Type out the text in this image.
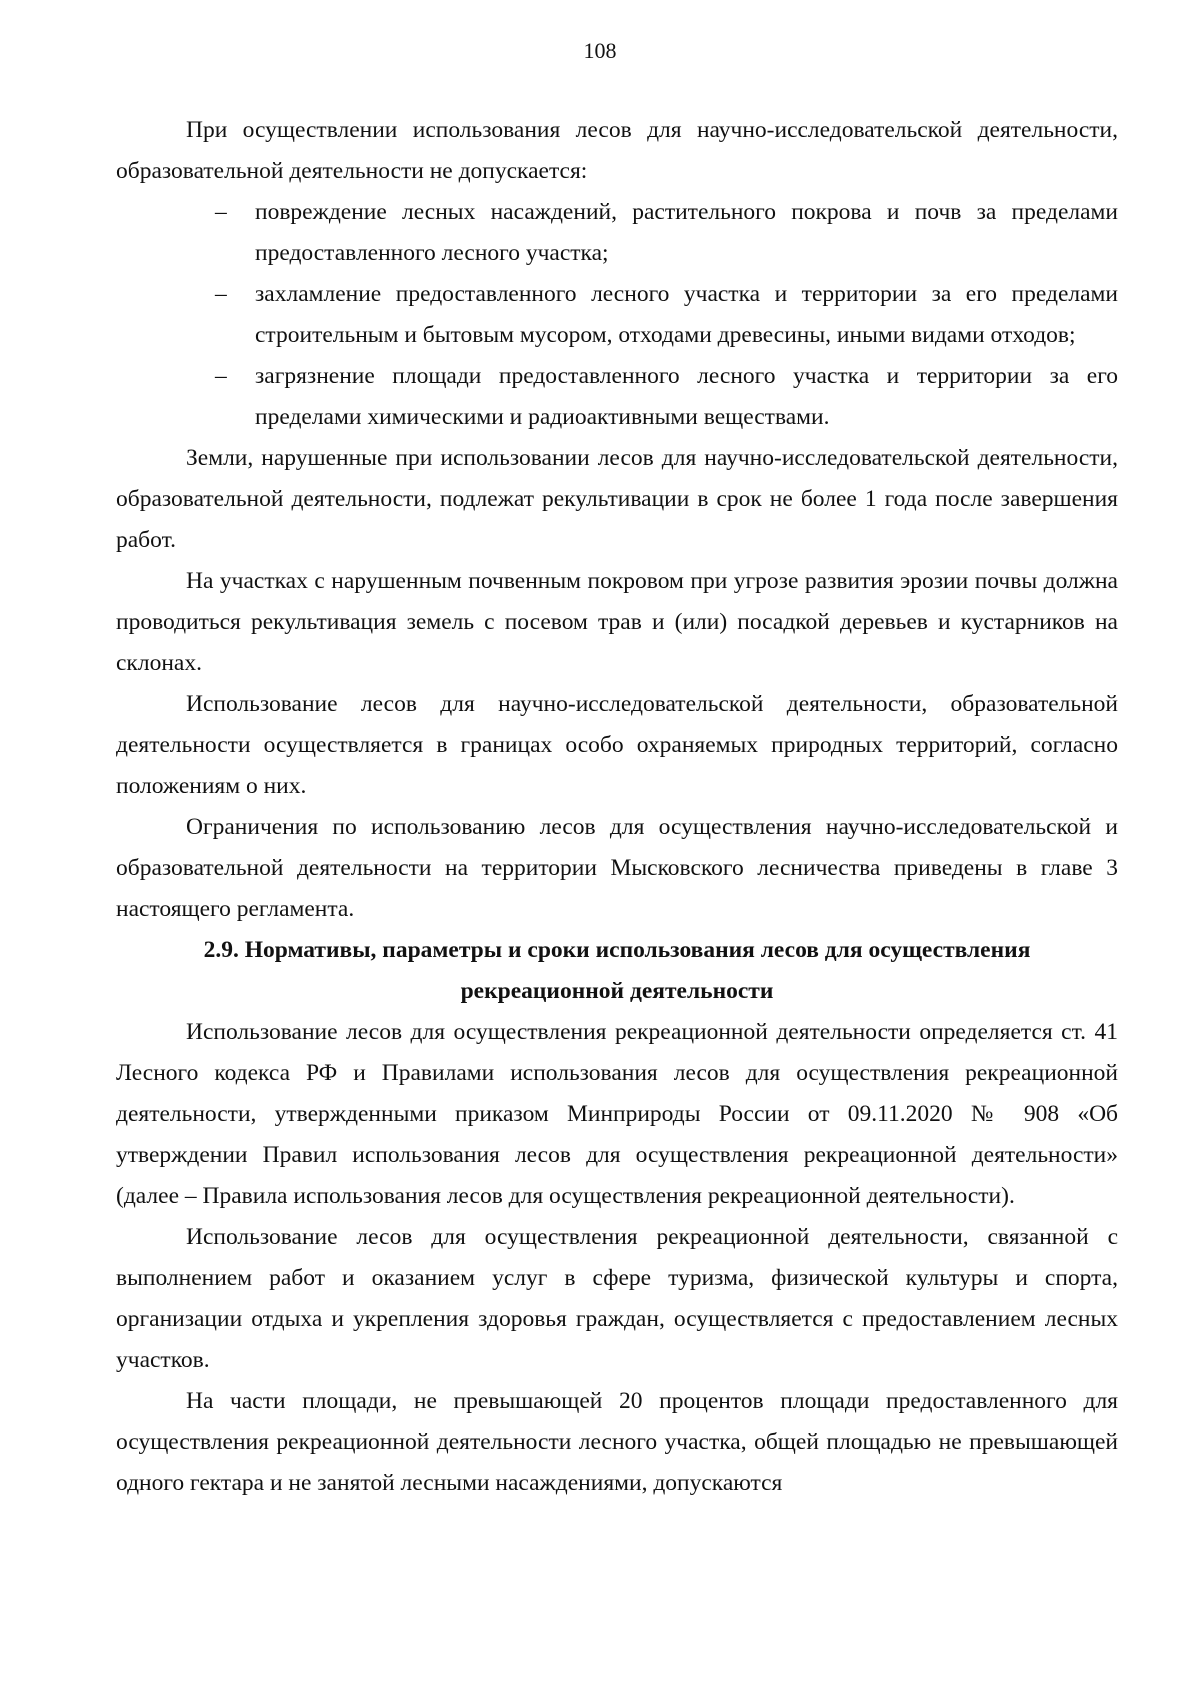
108

При осуществлении использования лесов для научно-исследовательской деятельности, образовательной деятельности не допускается:

– повреждение лесных насаждений, растительного покрова и почв за пределами предоставленного лесного участка;
– захламление предоставленного лесного участка и территории за его пределами строительным и бытовым мусором, отходами древесины, иными видами отходов;
– загрязнение площади предоставленного лесного участка и территории за его пределами химическими и радиоактивными веществами.

Земли, нарушенные при использовании лесов для научно-исследовательской деятельности, образовательной деятельности, подлежат рекультивации в срок не более 1 года после завершения работ.

На участках с нарушенным почвенным покровом при угрозе развития эрозии почвы должна проводиться рекультивация земель с посевом трав и (или) посадкой деревьев и кустарников на склонах.

Использование лесов для научно-исследовательской деятельности, образовательной деятельности осуществляется в границах особо охраняемых природных территорий, согласно положениям о них.

Ограничения по использованию лесов для осуществления научно-исследовательской и образовательной деятельности на территории Мысковского лесничества приведены в главе 3 настоящего регламента.

2.9. Нормативы, параметры и сроки использования лесов для осуществления рекреационной деятельности

Использование лесов для осуществления рекреационной деятельности определяется ст. 41 Лесного кодекса РФ и Правилами использования лесов для осуществления рекреационной деятельности, утвержденными приказом Минприроды России от 09.11.2020 № 908 «Об утверждении Правил использования лесов для осуществления рекреационной деятельности» (далее – Правила использования лесов для осуществления рекреационной деятельности).

Использование лесов для осуществления рекреационной деятельности, связанной с выполнением работ и оказанием услуг в сфере туризма, физической культуры и спорта, организации отдыха и укрепления здоровья граждан, осуществляется с предоставлением лесных участков.

На части площади, не превышающей 20 процентов площади предоставленного для осуществления рекреационной деятельности лесного участка, общей площадью не превышающей одного гектара и не занятой лесными насаждениями, допускаются
